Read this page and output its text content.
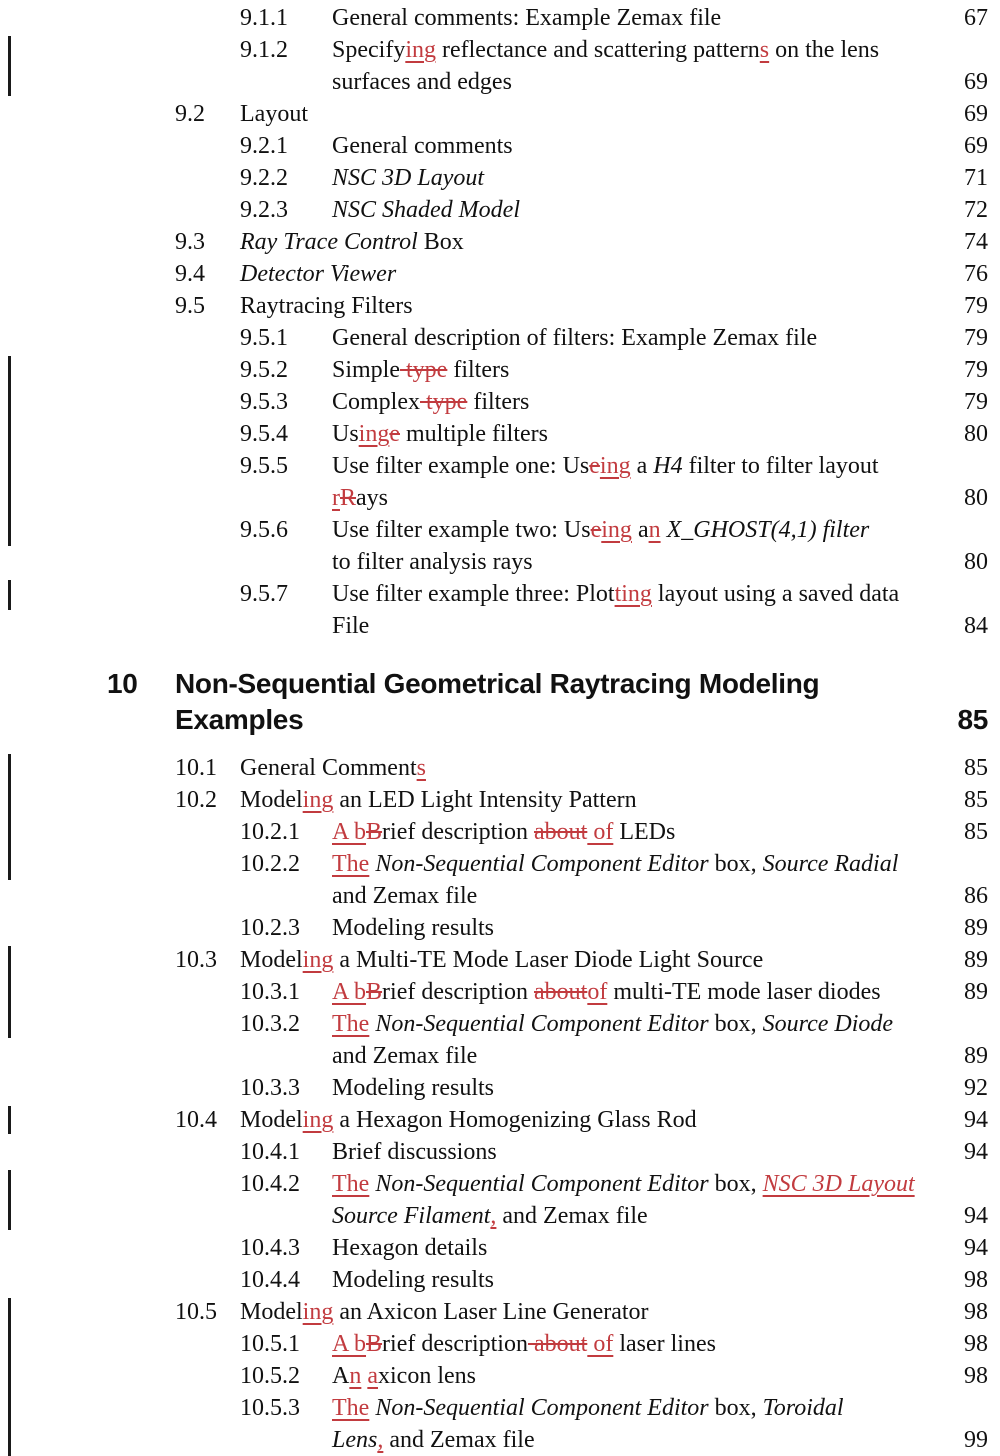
9.1.1	General comments: Example Zemax file	67
9.1.2	Specifying reflectance and scattering patterns on the lens
surfaces and edges	69
9.2	Layout	69
9.2.1	General comments	69
9.2.2	NSC 3D Layout	71
9.2.3	NSC Shaded Model	72
9.3	Ray Trace Control Box	74
9.4	Detector Viewer	76
9.5	Raytracing Filters	79
9.5.1	General description of filters: Example Zemax file	79
9.5.2	Simple type filters	79
9.5.3	Complex type filters	79
9.5.4	Usinge multiple filters	80
9.5.5	Use filter example one: Useing a H4 filter to filter layout
rRays	80
9.5.6	Use filter example two: Useing an X_GHOST(4,1) filter
to filter analysis rays	80
9.5.7	Use filter example three: Plotting layout using a saved data
File	84
10	Non-Sequential Geometrical Raytracing Modeling
Examples	85
10.1 General Comments	85
10.2 Modeling an LED Light Intensity Pattern	85
10.2.1	A bBrief description about of LEDs	85
10.2.2	The Non-Sequential Component Editor box, Source Radial
and Zemax file	86
10.2.3	Modeling results	89
10.3 Modeling a Multi-TE Mode Laser Diode Light Source	89
10.3.1	A bBrief description aboutof multi-TE mode laser diodes	89
10.3.2	The Non-Sequential Component Editor box, Source Diode
and Zemax file	89
10.3.3	Modeling results	92
10.4 Modeling a Hexagon Homogenizing Glass Rod	94
10.4.1	Brief discussions	94
10.4.2	The Non-Sequential Component Editor box, NSC 3D Layout
Source Filament, and Zemax file	94
10.4.3	Hexagon details	94
10.4.4	Modeling results	98
10.5 Modeling an Axicon Laser Line Generator	98
10.5.1	A bBrief description about of laser lines	98
10.5.2	An axicon lens	98
10.5.3	The Non-Sequential Component Editor box, Toroidal
Lens, and Zemax file	99
